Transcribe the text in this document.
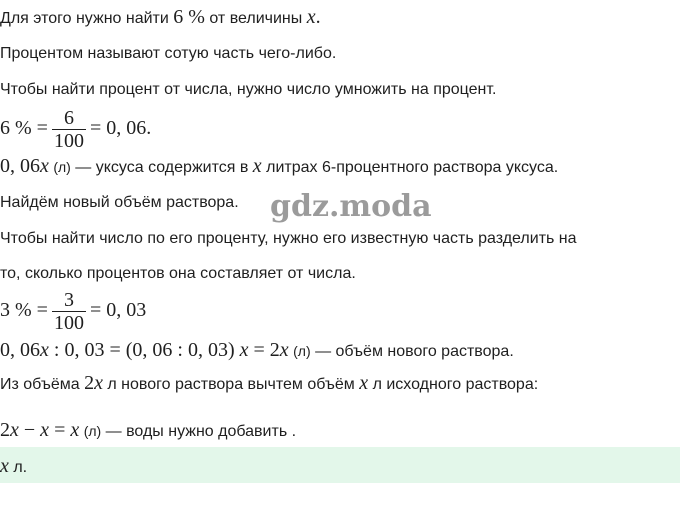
Для этого нужно найти 6 % от величины x.
Процентом называют сотую часть чего-либо.
Чтобы найти процент от числа, нужно число умножить на процент.
6 % = $\frac{6}{100} = 0$, 06.
0, 06x (л) — уксуса содержится в x литрах 6-процентного раствора уксуса.
Найдём новый объём раствора.
Чтобы найти число по его проценту, нужно его известную часть разделить на
то, сколько процентов она составляет от числа.
3 % = $\frac{3}{100} = 0$, 03
0, 06x : 0, 03 = (0, 06 : 0, 03) x = 2x (л) — объём нового раствора.
Из объёма 2x л нового раствора вычтем объём x л исходного раствора:
2x − x = x (л) — воды нужно добавить .
gdz.moda
x л.
